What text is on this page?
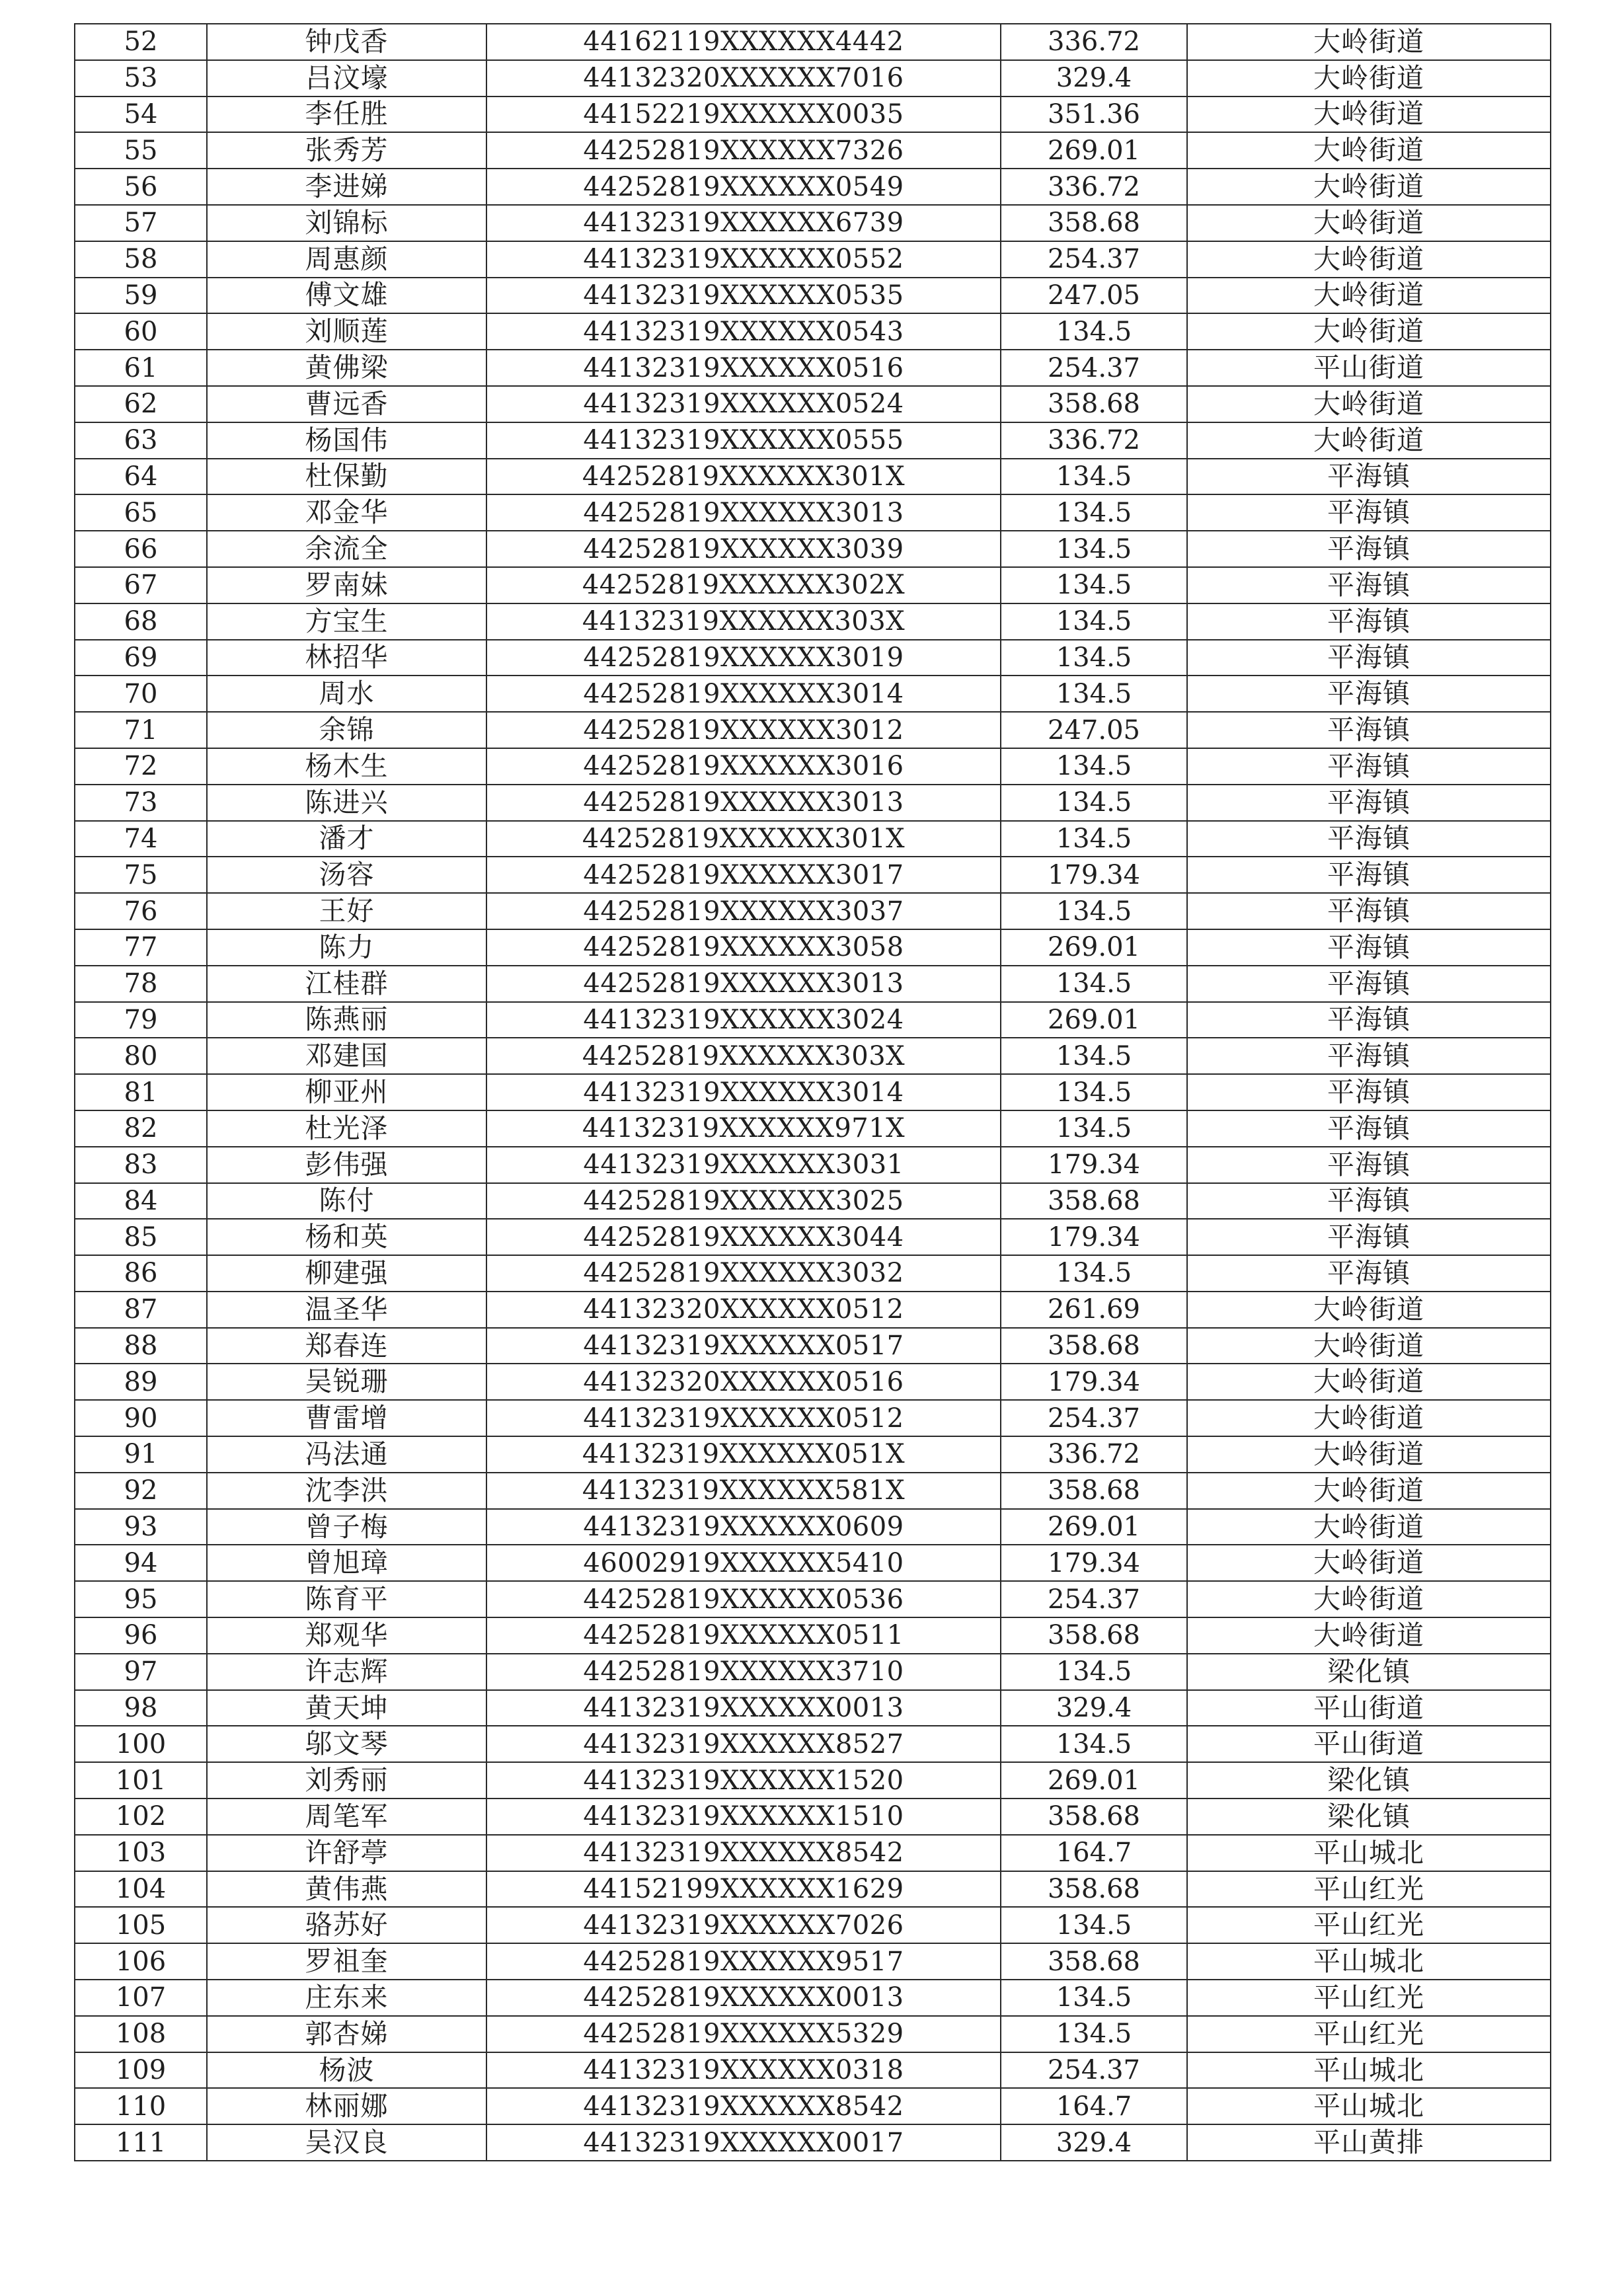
52	钟戊香	44162119XXXXXX4442	336.72	大岭街道
53	吕汶壕	44132320XXXXXX7016	329.4	大岭街道
54	李任胜	44152219XXXXXX0035	351.36	大岭街道
55	张秀芳	44252819XXXXXX7326	269.01	大岭街道
56	李进娣	44252819XXXXXX0549	336.72	大岭街道
57	刘锦标	44132319XXXXXX6739	358.68	大岭街道
58	周惠颜	44132319XXXXXX0552	254.37	大岭街道
59	傅文雄	44132319XXXXXX0535	247.05	大岭街道
60	刘顺莲	44132319XXXXXX0543	134.5	大岭街道
61	黄佛梁	44132319XXXXXX0516	254.37	平山街道
62	曹远香	44132319XXXXXX0524	358.68	大岭街道
63	杨国伟	44132319XXXXXX0555	336.72	大岭街道
64	杜保勤	44252819XXXXXX301X	134.5	平海镇
65	邓金华	44252819XXXXXX3013	134.5	平海镇
66	余流全	44252819XXXXXX3039	134.5	平海镇
67	罗南妹	44252819XXXXXX302X	134.5	平海镇
68	方宝生	44132319XXXXXX303X	134.5	平海镇
69	林招华	44252819XXXXXX3019	134.5	平海镇
70	周水	44252819XXXXXX3014	134.5	平海镇
71	余锦	44252819XXXXXX3012	247.05	平海镇
72	杨木生	44252819XXXXXX3016	134.5	平海镇
73	陈进兴	44252819XXXXXX3013	134.5	平海镇
74	潘才	44252819XXXXXX301X	134.5	平海镇
75	汤容	44252819XXXXXX3017	179.34	平海镇
76	王好	44252819XXXXXX3037	134.5	平海镇
77	陈力	44252819XXXXXX3058	269.01	平海镇
78	江桂群	44252819XXXXXX3013	134.5	平海镇
79	陈燕丽	44132319XXXXXX3024	269.01	平海镇
80	邓建国	44252819XXXXXX303X	134.5	平海镇
81	柳亚州	44132319XXXXXX3014	134.5	平海镇
82	杜光泽	44132319XXXXXX971X	134.5	平海镇
83	彭伟强	44132319XXXXXX3031	179.34	平海镇
84	陈付	44252819XXXXXX3025	358.68	平海镇
85	杨和英	44252819XXXXXX3044	179.34	平海镇
86	柳建强	44252819XXXXXX3032	134.5	平海镇
87	温圣华	44132320XXXXXX0512	261.69	大岭街道
88	郑春连	44132319XXXXXX0517	358.68	大岭街道
89	吴锐珊	44132320XXXXXX0516	179.34	大岭街道
90	曹雷增	44132319XXXXXX0512	254.37	大岭街道
91	冯法通	44132319XXXXXX051X	336.72	大岭街道
92	沈李洪	44132319XXXXXX581X	358.68	大岭街道
93	曾子梅	44132319XXXXXX0609	269.01	大岭街道
94	曾旭璋	46002919XXXXXX5410	179.34	大岭街道
95	陈育平	44252819XXXXXX0536	254.37	大岭街道
96	郑观华	44252819XXXXXX0511	358.68	大岭街道
97	许志辉	44252819XXXXXX3710	134.5	梁化镇
98	黄天坤	44132319XXXXXX0013	329.4	平山街道
100	邬文琴	44132319XXXXXX8527	134.5	平山街道
101	刘秀丽	44132319XXXXXX1520	269.01	梁化镇
102	周笔军	44132319XXXXXX1510	358.68	梁化镇
103	许舒葶	44132319XXXXXX8542	164.7	平山城北
104	黄伟燕	44152199XXXXXX1629	358.68	平山红光
105	骆苏好	44132319XXXXXX7026	134.5	平山红光
106	罗祖奎	44252819XXXXXX9517	358.68	平山城北
107	庄东来	44252819XXXXXX0013	134.5	平山红光
108	郭杏娣	44252819XXXXXX5329	134.5	平山红光
109	杨波	44132319XXXXXX0318	254.37	平山城北
110	林丽娜	44132319XXXXXX8542	164.7	平山城北
111	吴汉良	44132319XXXXXX0017	329.4	平山黄排
